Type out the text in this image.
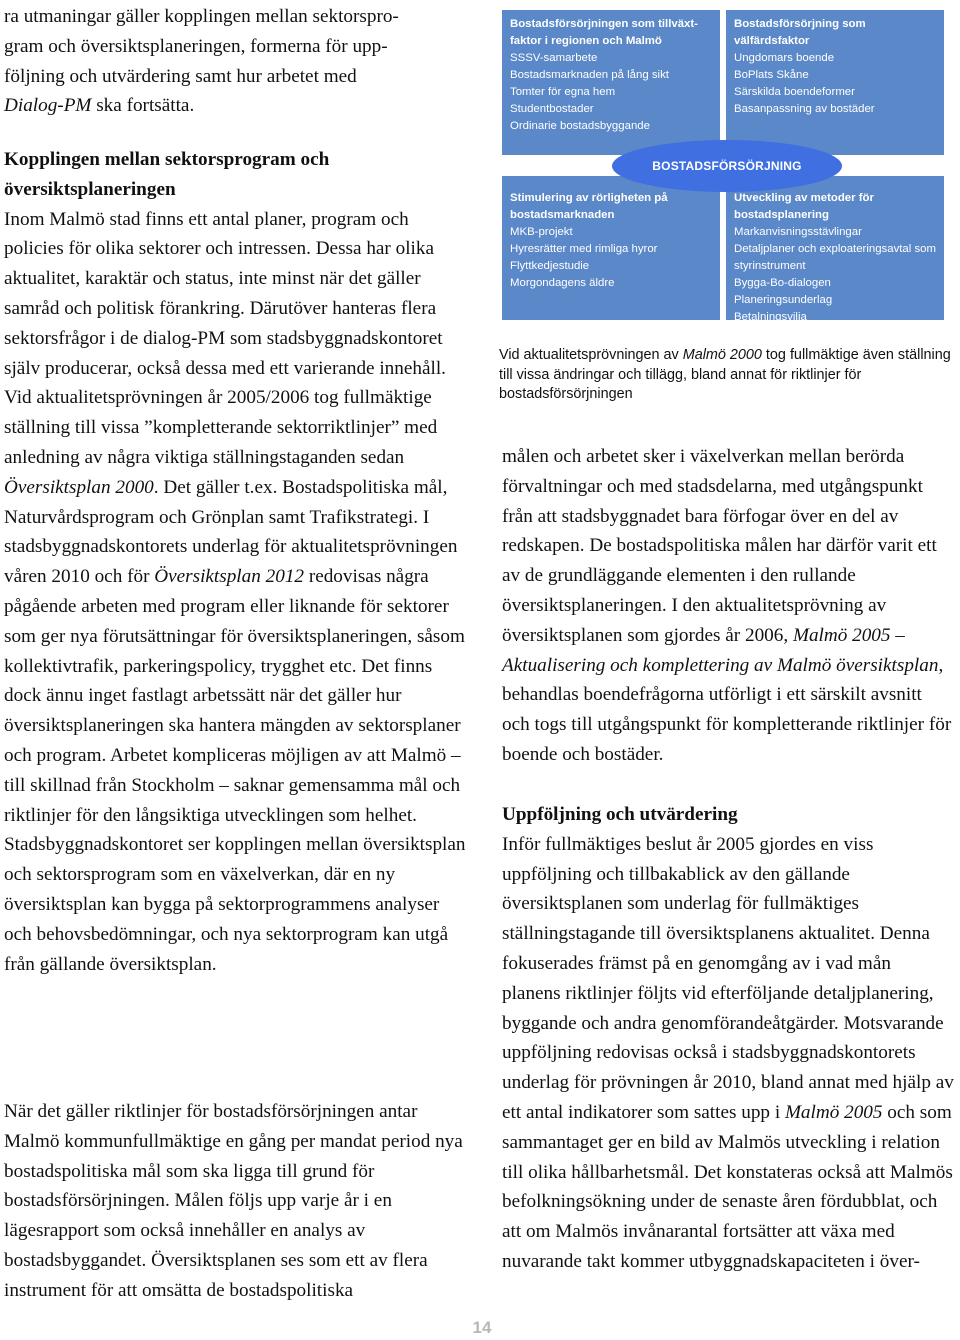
ra utmaningar gäller kopplingen mellan sektorspro-

gram och översiktsplaneringen, formerna för upp-

följning och utvärdering samt hur arbetet med

Dialog-PM ska fortsätta.

Kopplingen mellan sektorsprogram och

översiktsplaneringen

Inom Malmö stad finns ett antal planer, program och policies för olika sektorer och intressen. Dessa har olika aktualitet, karaktär och status, inte minst när det gäller samråd och politisk förankring. Därutöver hanteras flera sektorsfrågor i de dialog-PM som stadsbyggnadskontoret själv producerar, också dessa med ett varierande innehåll. Vid aktualitetsprövningen år 2005/2006 tog fullmäktige ställning till vissa ”kompletterande sektorriktlinjer” med anledning av några viktiga ställningstaganden sedan Översiktsplan 2000. Det gäller t.ex. Bostadspolitiska mål, Naturvårdsprogram och Grönplan samt Trafikstrategi. I stadsbyggnadskontorets underlag för aktualitetsprövningen våren 2010 och för Översiktsplan 2012 redovisas några pågående arbeten med program eller liknande för sektorer som ger nya förutsättningar för översiktsplaneringen, såsom kollektivtrafik, parkeringspolicy, trygghet etc. Det finns dock ännu inget fastlagt arbetssätt när det gäller hur översiktsplaneringen ska hantera mängden av sektorsplaner och program. Arbetet kompliceras möjligen av att Malmö – till skillnad från Stockholm – saknar gemensamma mål och riktlinjer för den långsiktiga utvecklingen som helhet. Stadsbyggnadskontoret ser kopplingen mellan översiktsplan och sektorsprogram som en växelverkan, där en ny översiktsplan kan bygga på sektorprogrammens analyser och behovsbedömningar, och nya sektorprogram kan utgå från gällande översiktsplan.

När det gäller riktlinjer för bostadsförsörjningen antar Malmö kommunfullmäktige en gång per mandat period nya bostadspolitiska mål som ska ligga till grund för bostadsförsörjningen. Målen följs upp varje år i en lägesrapport som också innehåller en analys av bostadsbyggandet. Översiktsplanen ses som ett av flera instrument för att omsätta de bostadspolitiska

Bostadsförsörjningen som tillväxt-faktor i regionen och Malmö
SSSV-samarbete
Bostadsmarknaden på lång sikt
Tomter för egna hem
Studentbostader
Ordinarie bostadsbyggande
Bostadsförsörjning som välfärdsfaktor
Ungdomars boende
BoPlats Skåne
Särskilda boendeformer
Basanpassning av bostäder
Stimulering av rörligheten på bostadsmarknaden
MKB-projekt
Hyresrätter med rimliga hyror
Flyttkedjestudie
Morgondagens äldre
Utveckling av metoder för bostadsplanering
Markanvisningsstävlingar
Detaljplaner och exploateringsavtal som styrinstrument
Bygga-Bo-dialogen
Planeringsunderlag
Betalningsvilja
BOSTADSFÖRSÖRJNING
Vid aktualitetsprövningen av Malmö 2000 tog fullmäktige även ställning till vissa ändringar och tillägg, bland annat för riktlinjer för bostadsförsörjningen

målen och arbetet sker i växelverkan mellan berörda förvaltningar och med stadsdelarna, med utgångspunkt från att stadsbyggnadet bara förfogar över en del av redskapen. De bostadspolitiska målen har därför varit ett av de grundläggande elementen i den rullande översiktsplaneringen. I den aktualitetsprövning av översiktsplanen som gjordes år 2006, Malmö 2005 – Aktualisering och komplettering av Malmö översiktsplan, behandlas boendefrågorna utförligt i ett särskilt avsnitt och togs till utgångspunkt för kompletterande riktlinjer för boende och bostäder.

Uppföljning och utvärdering

Inför fullmäktiges beslut år 2005 gjordes en viss uppföljning och tillbakablick av den gällande översiktsplanen som underlag för fullmäktiges ställningstagande till översiktsplanens aktualitet. Denna fokuserades främst på en genomgång av i vad mån planens riktlinjer följts vid efterföljande detaljplanering, byggande och andra genomförandeåtgärder. Motsvarande uppföljning redovisas också i stadsbyggnadskontorets underlag för prövningen år 2010, bland annat med hjälp av ett antal indikatorer som sattes upp i Malmö 2005 och som sammantaget ger en bild av Malmös utveckling i relation till olika hållbarhetsmål. Det konstateras också att Malmös befolkningsökning under de senaste åren fördubblat, och att om Malmös invånarantal fortsätter att växa med nuvarande takt kommer utbyggnadskapaciteten i över-

14
